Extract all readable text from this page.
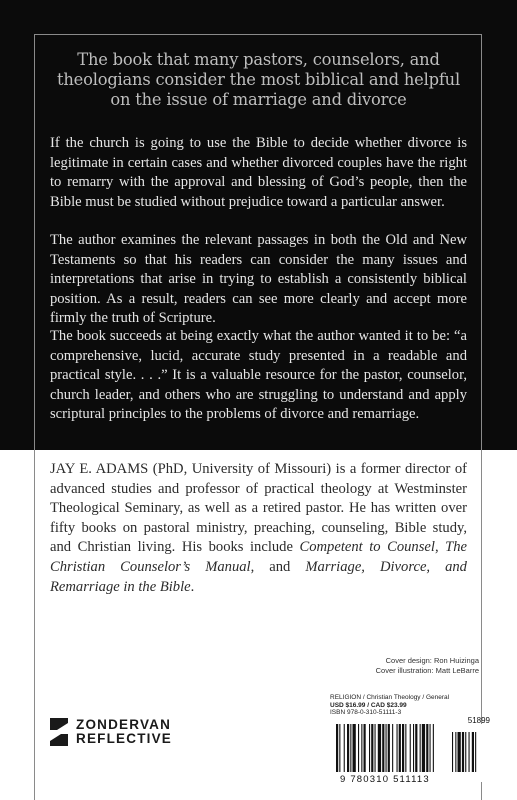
The book that many pastors, counselors, and theologians consider the most biblical and helpful on the issue of marriage and divorce

If the church is going to use the Bible to decide whether divorce is legitimate in certain cases and whether divorced couples have the right to remarry with the approval and blessing of God’s people, then the Bible must be studied without prejudice toward a particular answer.

The author examines the relevant passages in both the Old and New Testaments so that his readers can consider the many issues and interpretations that arise in trying to establish a consistently biblical position. As a result, readers can see more clearly and accept more firmly the truth of Scripture.

The book succeeds at being exactly what the author wanted it to be: “a comprehensive, lucid, accurate study presented in a readable and practical style. . . .” It is a valuable resource for the pastor, counselor, church leader, and others who are struggling to understand and apply scriptural principles to the problems of divorce and remarriage.

JAY E. ADAMS (PhD, University of Missouri) is a former director of advanced studies and professor of practical theology at Westminster Theological Seminary, as well as a retired pastor. He has written over fifty books on pastoral ministry, preaching, counseling, Bible study, and Christian living. His books include Competent to Counsel, The Christian Counselor’s Manual, and Marriage, Divorce, and Remarriage in the Bible.

Cover design: Ron Huizinga
Cover illustration: Matt LeBarre
ZONDERVAN
REFLECTIVE
RELIGION / Christian Theology / General
USD $16.99 / CAD $23.99
ISBN 978-0-310-51111-3
51899
9 780310 511113
